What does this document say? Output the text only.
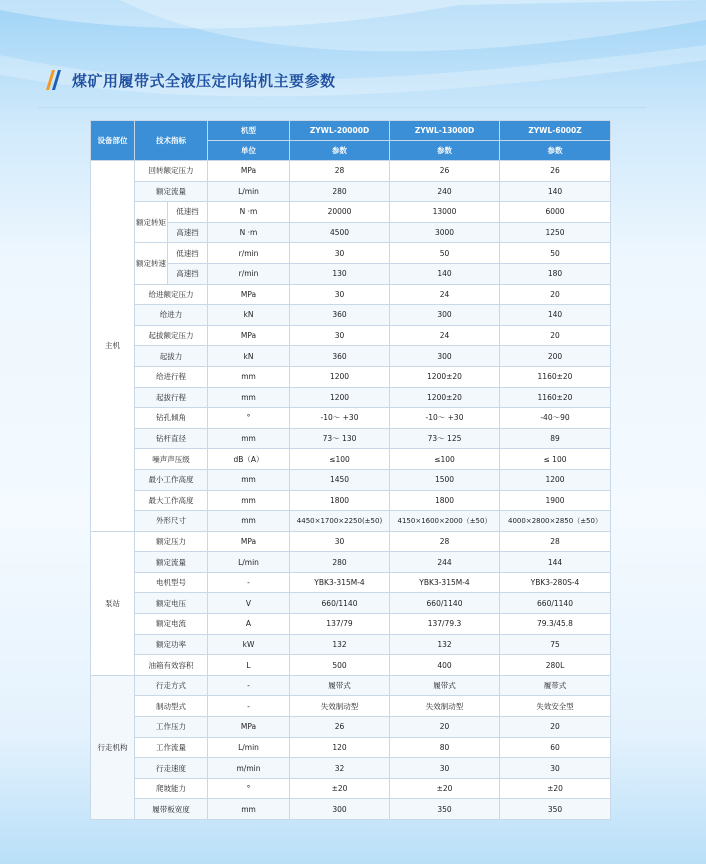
煤矿用履带式全液压定向钻机主要参数
设备部位	技术指标		机型	ZYWL-20000D	ZYWL-13000D	ZYWL-6000Z
			单位	参数	参数	参数
主机	回转额定压力		MPa	28	26	26
	额定流量		L/min	280	240	140
	额定转矩	低速挡	N ·m	20000	13000	6000
		高速挡	N ·m	4500	3000	1250
	额定转速	低速挡	r/min	30	50	50
		高速挡	r/min	130	140	180
	给进额定压力		MPa	30	24	20
	给进力		kN	360	300	140
	起拔额定压力		MPa	30	24	20
	起拔力		kN	360	300	200
	给进行程		mm	1200	1200±20	1160±20
	起拔行程		mm	1200	1200±20	1160±20
	钻孔倾角		°	-10～ +30	-10～ +30	-40～90
	钻杆直径		mm	73～ 130	73～ 125	89
	噪声声压级		dB（A）	≤100	≤100	≤ 100
	最小工作高度		mm	1450	1500	1200
	最大工作高度		mm	1800	1800	1900
	外形尺寸		mm	4450×1700×2250(±50)	4150×1600×2000（±50）	4000×2800×2850（±50）
泵站	额定压力		MPa	30	28	28
	额定流量		L/min	280	244	144
	电机型号		-	YBK3-315M-4	YBK3-315M-4	YBK3-280S-4
	额定电压		V	660/1140	660/1140	660/1140
	额定电流		A	137/79	137/79.3	79.3/45.8
	额定功率		kW	132	132	75
	油箱有效容积		L	500	400	280L
行走机构	行走方式		-	履带式	履带式	履带式
	制动型式		-	失效制动型	失效制动型	失效安全型
	工作压力		MPa	26	20	20
	工作流量		L/min	120	80	60
	行走速度		m/min	32	30	30
	爬坡能力		°	±20	±20	±20
	履带板宽度		mm	300	350	350
